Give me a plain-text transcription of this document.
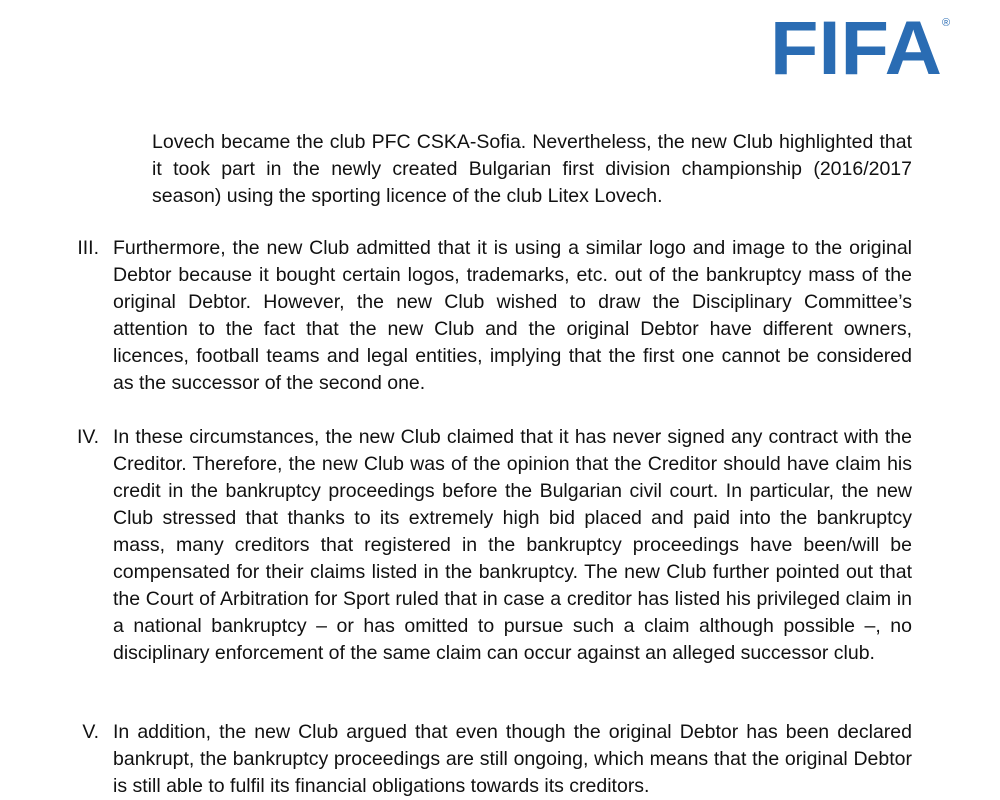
FIFA ®

Lovech became the club PFC CSKA-Sofia. Nevertheless, the new Club highlighted that it took part in the newly created Bulgarian first division championship (2016/2017 season) using the sporting licence of the club Litex Lovech.

III. Furthermore, the new Club admitted that it is using a similar logo and image to the original Debtor because it bought certain logos, trademarks, etc. out of the bankruptcy mass of the original Debtor. However, the new Club wished to draw the Disciplinary Committee’s attention to the fact that the new Club and the original Debtor have different owners, licences, football teams and legal entities, implying that the first one cannot be considered as the successor of the second one.
IV. In these circumstances, the new Club claimed that it has never signed any contract with the Creditor. Therefore, the new Club was of the opinion that the Creditor should have claim his credit in the bankruptcy proceedings before the Bulgarian civil court. In particular, the new Club stressed that thanks to its extremely high bid placed and paid into the bankruptcy mass, many creditors that registered in the bankruptcy proceedings have been/will be compensated for their claims listed in the bankruptcy. The new Club further pointed out that the Court of Arbitration for Sport ruled that in case a creditor has listed his privileged claim in a national bankruptcy – or has omitted to pursue such a claim although possible –, no disciplinary enforcement of the same claim can occur against an alleged successor club.
V. In addition, the new Club argued that even though the original Debtor has been declared bankrupt, the bankruptcy proceedings are still ongoing, which means that the original Debtor is still able to fulfil its financial obligations towards its creditors.
